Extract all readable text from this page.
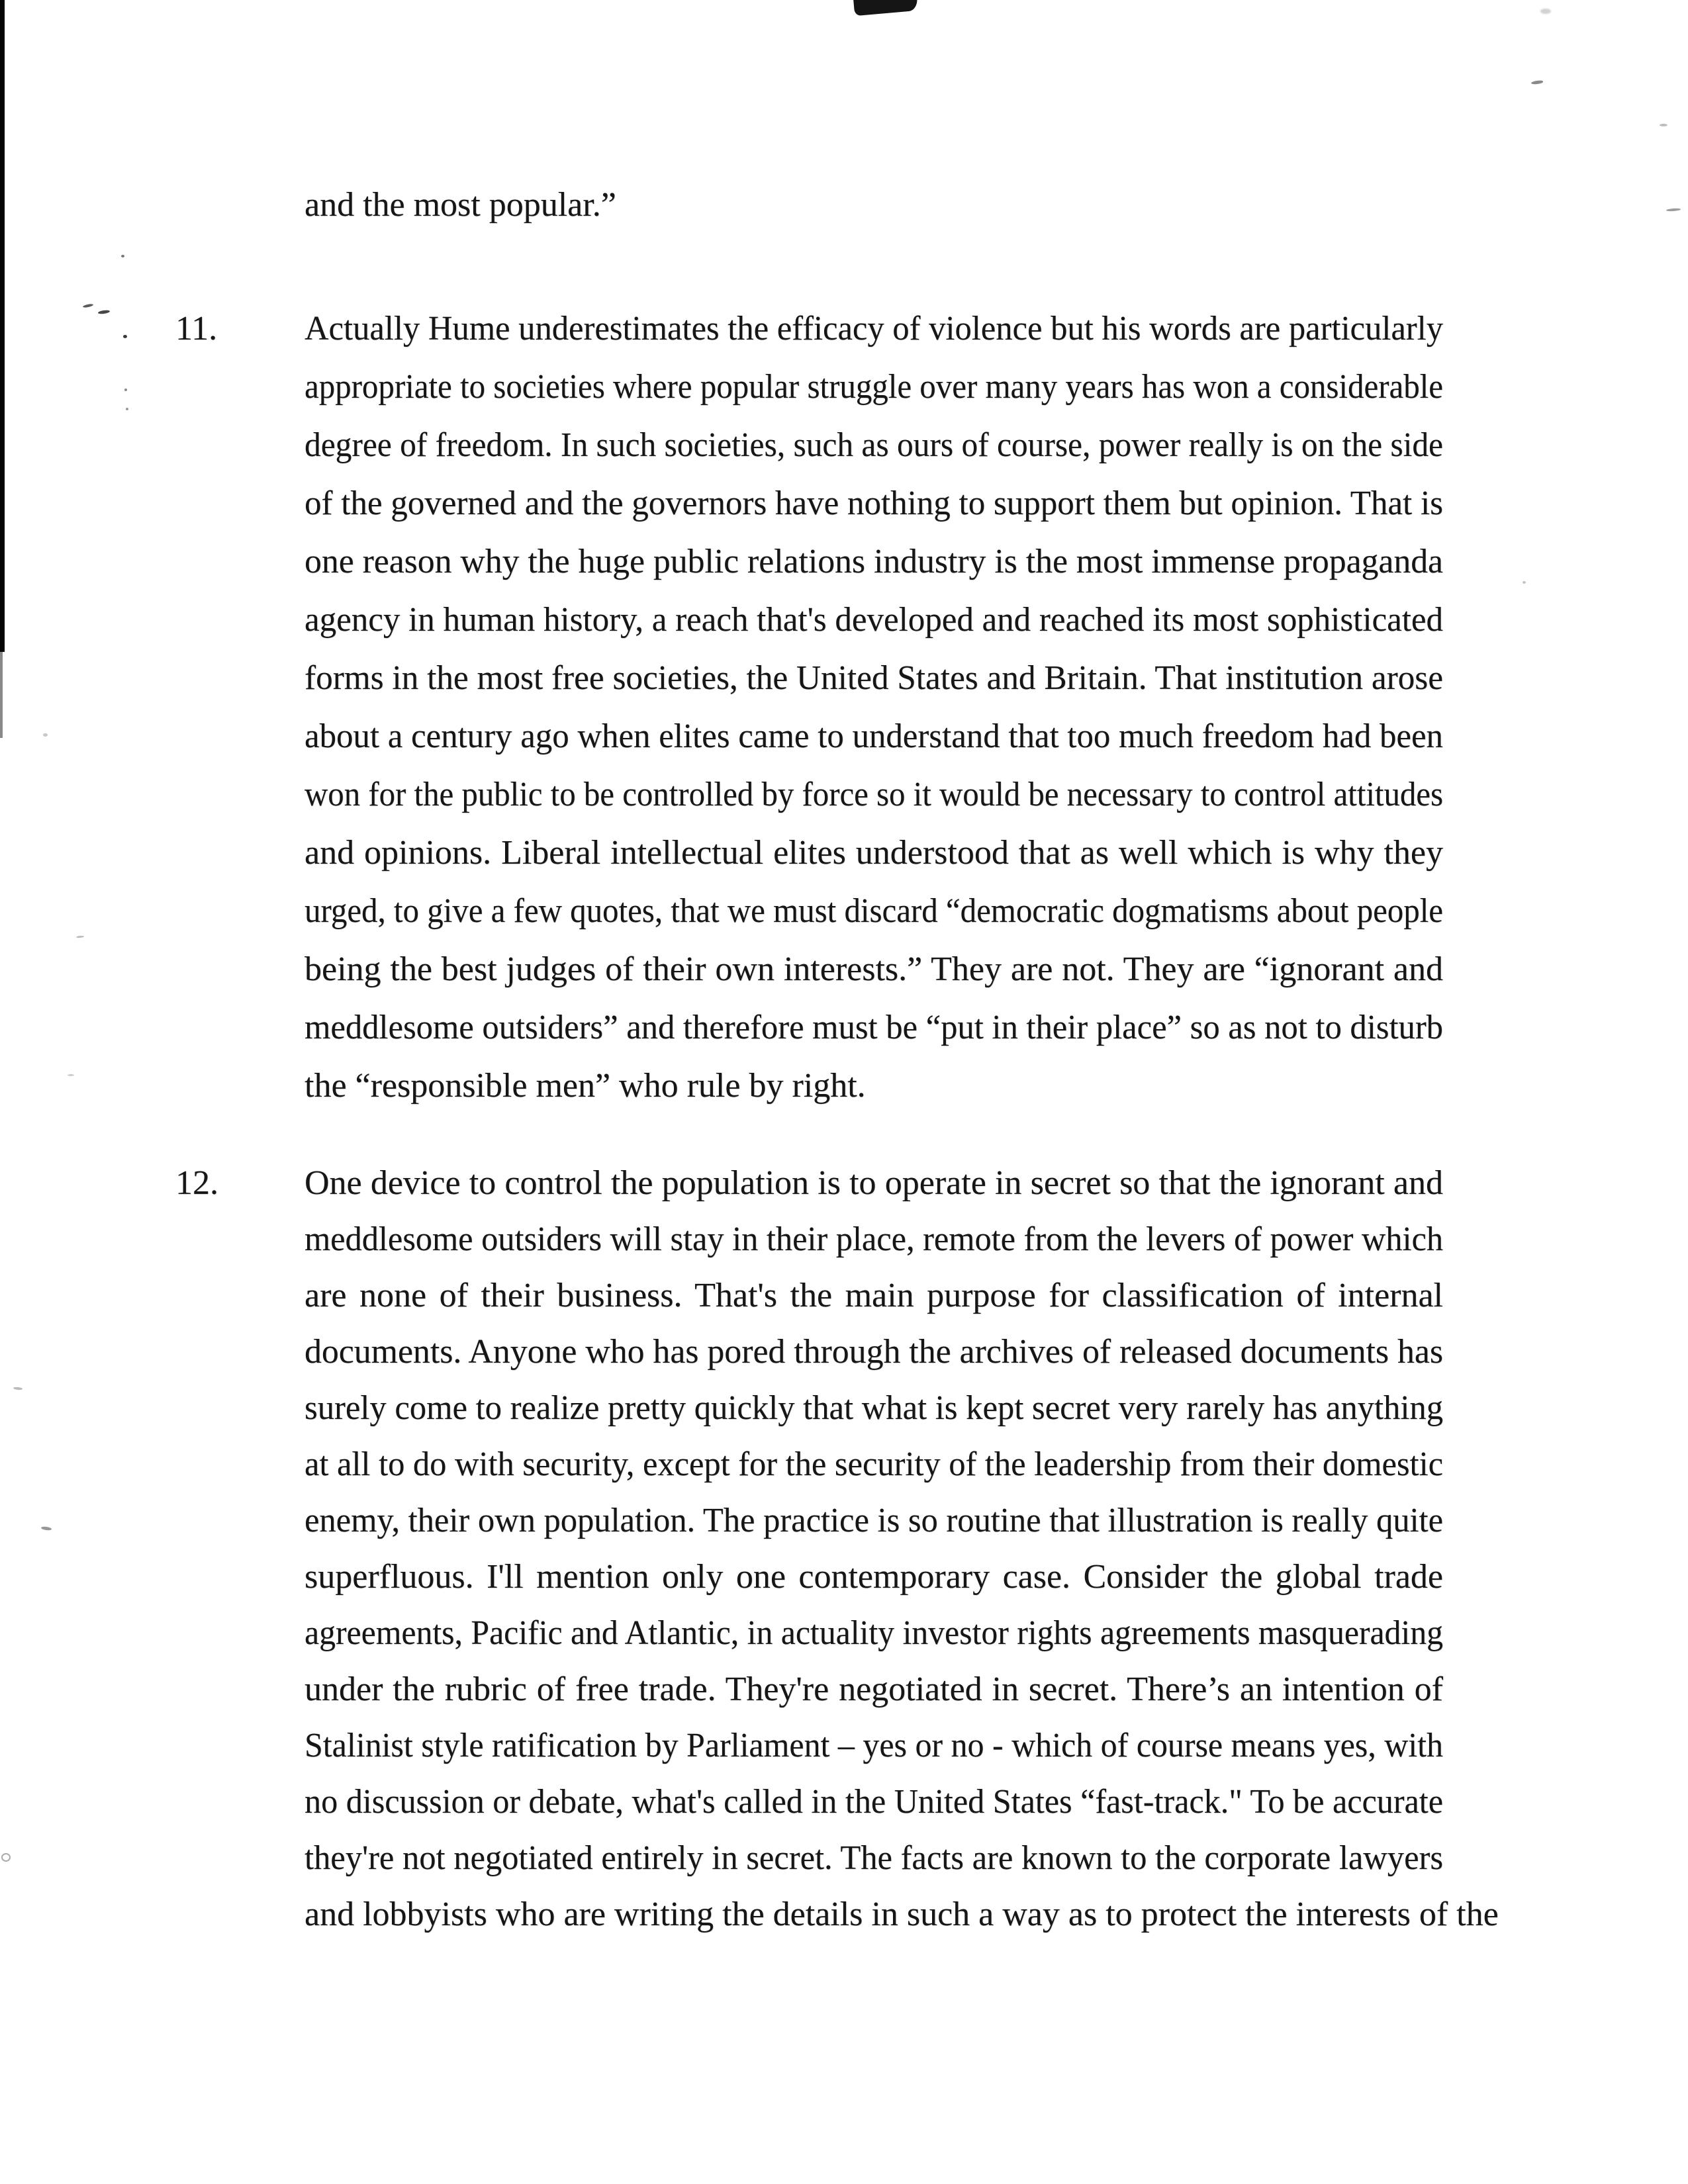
and the most popular.”
11.	Actually Hume underestimates the efficacy of violence but his words are particularly
appropriate to societies where popular struggle over many years has won a considerable
degree of freedom. In such societies, such as ours of course, power really is on the side
of the governed and the governors have nothing to support them but opinion. That is
one reason why the huge public relations industry is the most immense propaganda
agency in human history, a reach that's developed and reached its most sophisticated
forms in the most free societies, the United States and Britain. That institution arose
about a century ago when elites came to understand that too much freedom had been
won for the public to be controlled by force so it would be necessary to control attitudes
and opinions. Liberal intellectual elites understood that as well which is why they
urged, to give a few quotes, that we must discard “democratic dogmatisms about people
being the best judges of their own interests.” They are not. They are “ignorant and
meddlesome outsiders” and therefore must be “put in their place” so as not to disturb
the “responsible men” who rule by right.
12.	One device to control the population is to operate in secret so that the ignorant and
meddlesome outsiders will stay in their place, remote from the levers of power which
are none of their business. That's the main purpose for classification of internal
documents. Anyone who has pored through the archives of released documents has
surely come to realize pretty quickly that what is kept secret very rarely has anything
at all to do with security, except for the security of the leadership from their domestic
enemy, their own population. The practice is so routine that illustration is really quite
superfluous. I'll mention only one contemporary case. Consider the global trade
agreements, Pacific and Atlantic, in actuality investor rights agreements masquerading
under the rubric of free trade. They're negotiated in secret. There’s an intention of
Stalinist style ratification by Parliament – yes or no - which of course means yes, with
no discussion or debate, what's called in the United States “fast-track." To be accurate
they're not negotiated entirely in secret. The facts are known to the corporate lawyers
and lobbyists who are writing the details in such a way as to protect the interests of the
